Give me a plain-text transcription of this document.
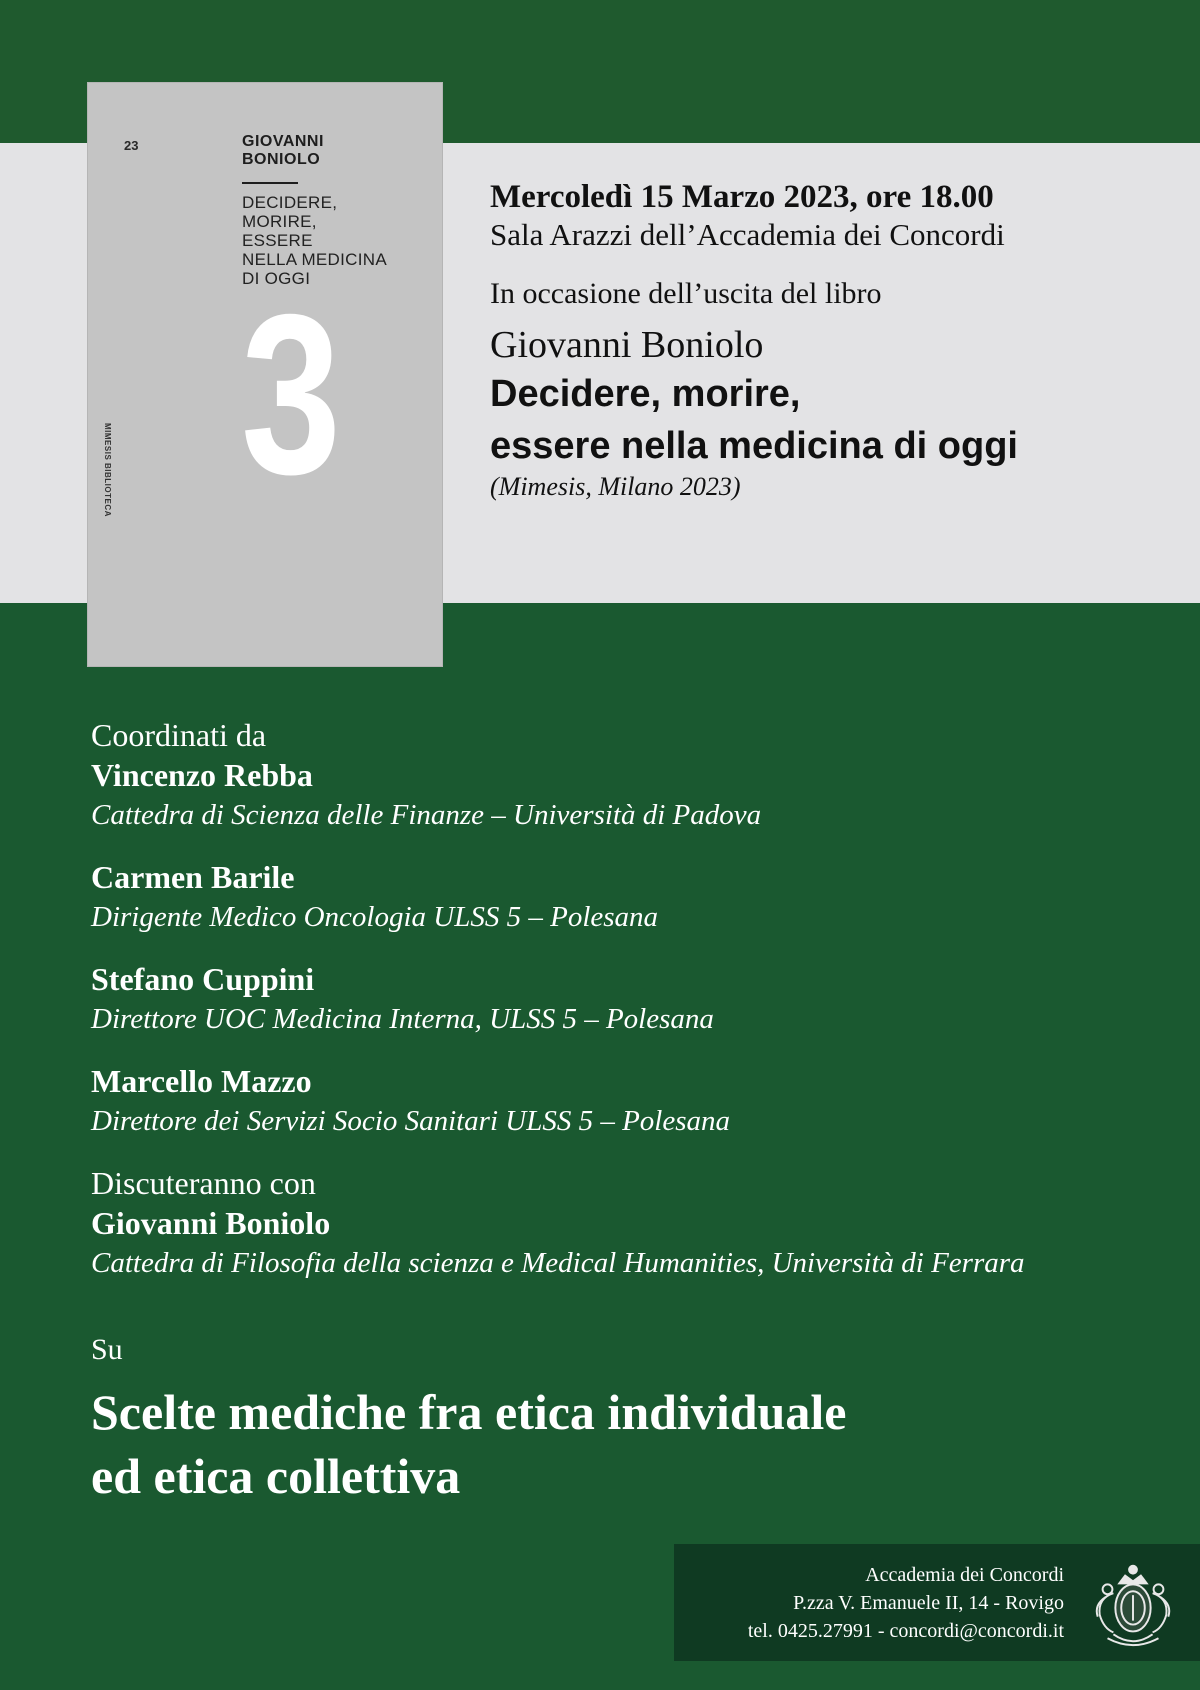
23	GIOVANNI
BONIOLO
DECIDERE,
MORIRE,
ESSERE
NELLA MEDICINA
DI OGGI
MIMESIS BIBLIOTECA 3
Mercoledì 15 Marzo 2023, ore 18.00
Sala Arazzi dell’Accademia dei Concordi
In occasione dell’uscita del libro
Giovanni Boniolo
Decidere, morire,
essere nella medicina di oggi
(Mimesis, Milano 2023)
Coordinati da
Vincenzo Rebba
Cattedra di Scienza delle Finanze – Università di Padova
Carmen Barile
Dirigente Medico Oncologia ULSS 5 – Polesana
Stefano Cuppini
Direttore UOC Medicina Interna, ULSS 5 – Polesana
Marcello Mazzo
Direttore dei Servizi Socio Sanitari ULSS 5 – Polesana
Discuteranno con
Giovanni Boniolo
Cattedra di Filosofia della scienza e Medical Humanities, Università di Ferrara
Su
Scelte mediche fra etica individuale
ed etica collettiva
Accademia dei Concordi
P.zza V. Emanuele II, 14 - Rovigo
tel. 0425.27991 - concordi@concordi.it
